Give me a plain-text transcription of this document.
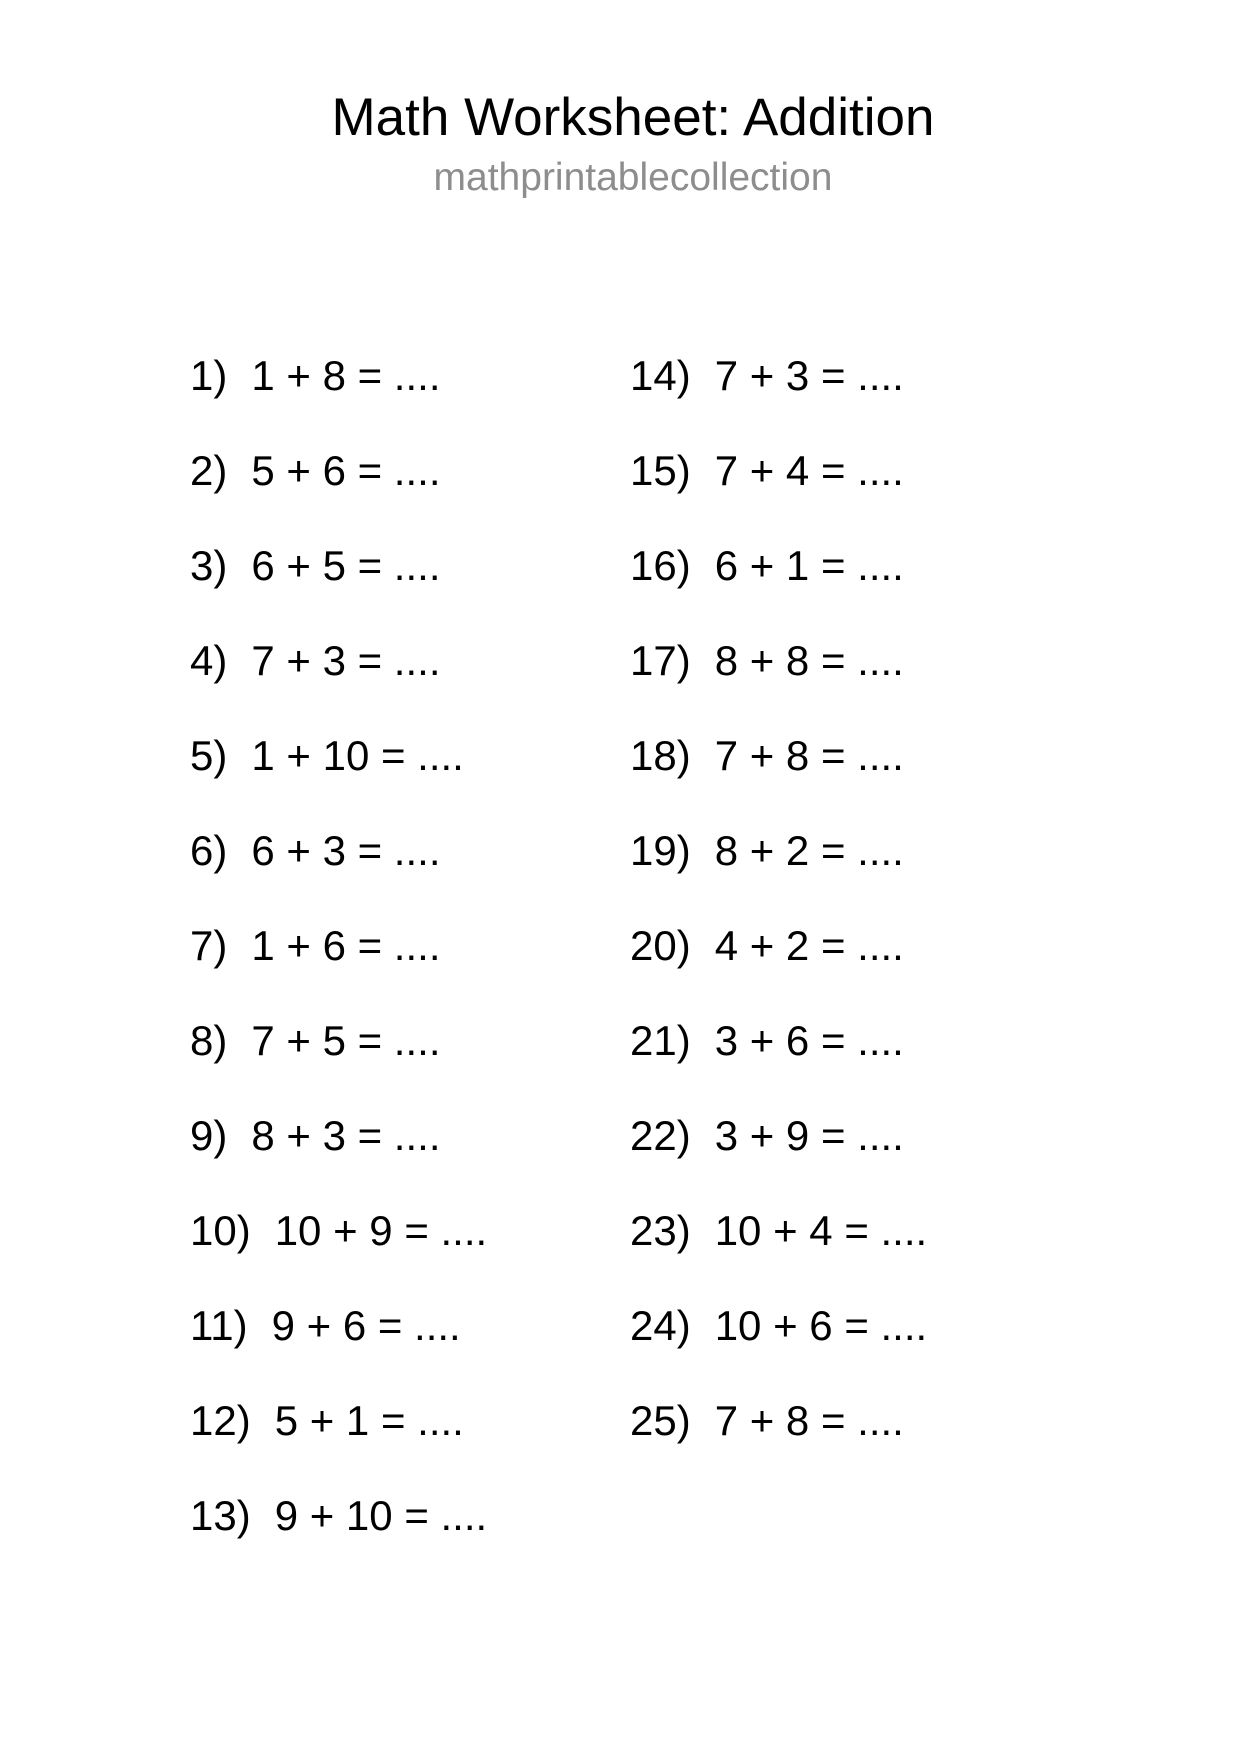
Math Worksheet: Addition
mathprintablecollection
1) 1 + 8 = ....
2) 5 + 6 = ....
3) 6 + 5 = ....
4) 7 + 3 = ....
5) 1 + 10 = ....
6) 6 + 3 = ....
7) 1 + 6 = ....
8) 7 + 5 = ....
9) 8 + 3 = ....
10) 10 + 9 = ....
11) 9 + 6 = ....
12) 5 + 1 = ....
13) 9 + 10 = ....
14) 7 + 3 = ....
15) 7 + 4 = ....
16) 6 + 1 = ....
17) 8 + 8 = ....
18) 7 + 8 = ....
19) 8 + 2 = ....
20) 4 + 2 = ....
21) 3 + 6 = ....
22) 3 + 9 = ....
23) 10 + 4 = ....
24) 10 + 6 = ....
25) 7 + 8 = ....
